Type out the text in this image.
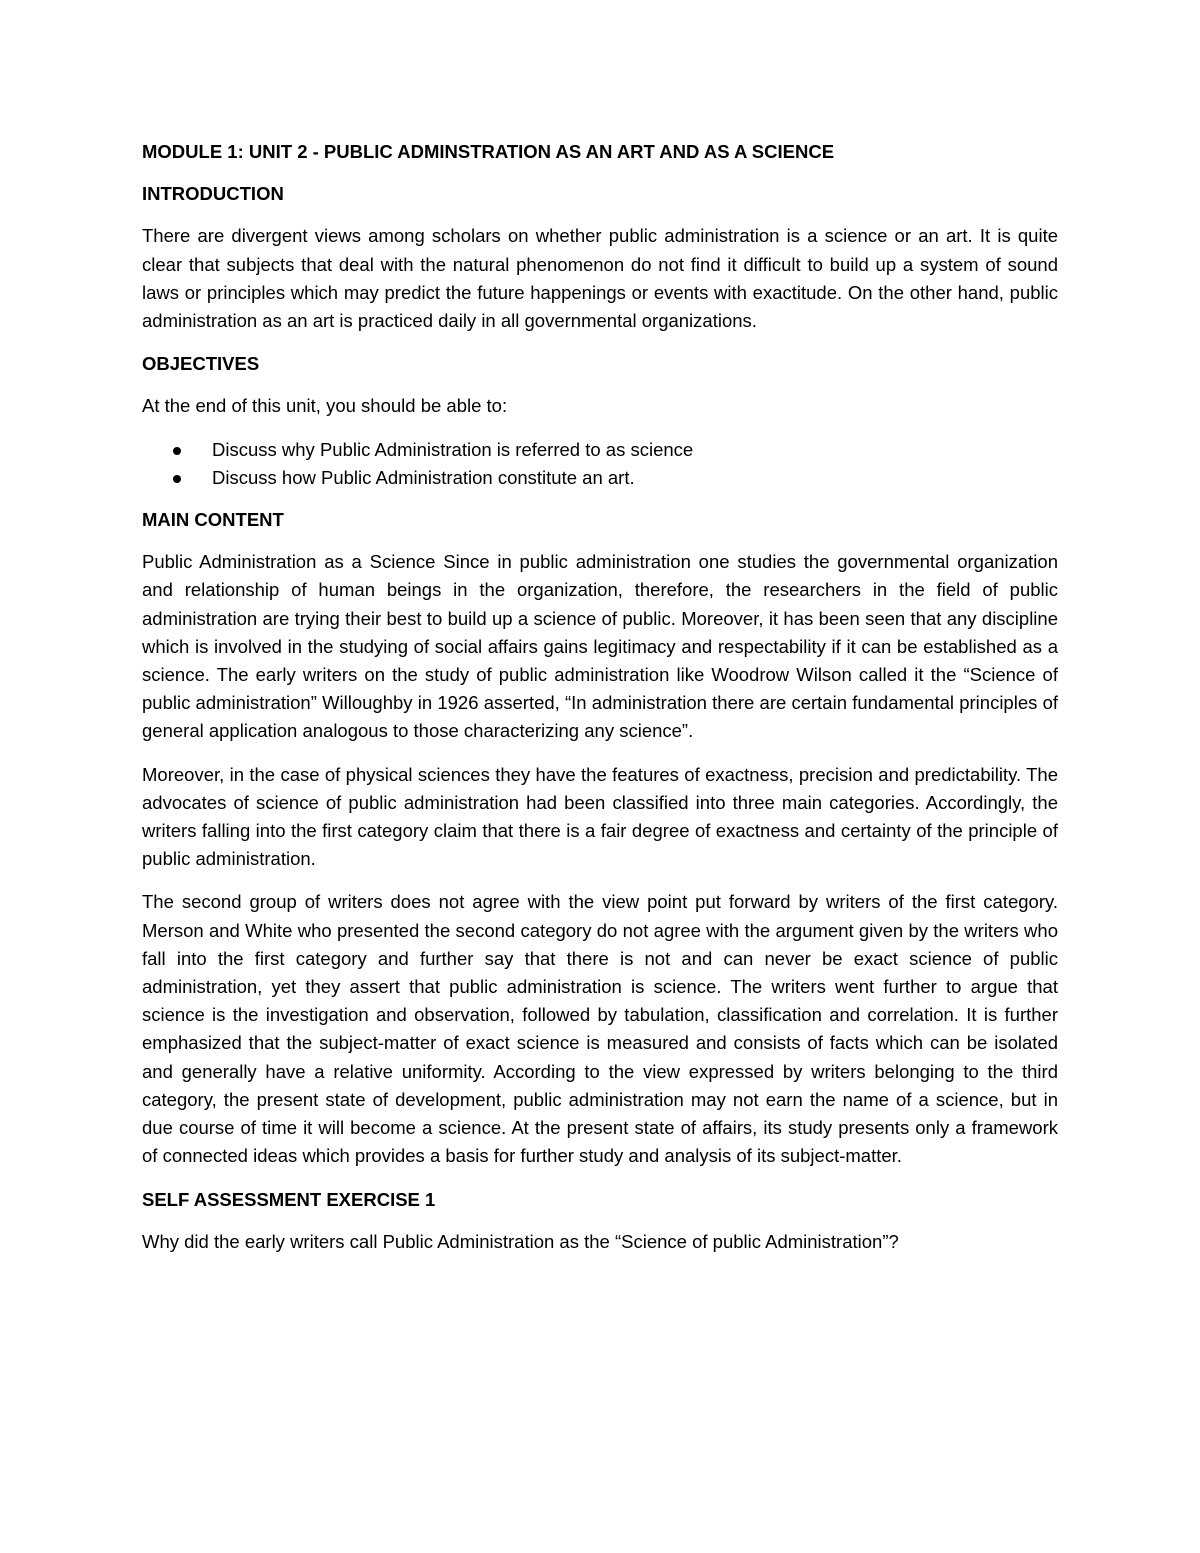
MODULE 1: UNIT 2 - PUBLIC ADMINSTRATION AS AN ART AND AS A SCIENCE

INTRODUCTION

There are divergent views among scholars on whether public administration is a science or an art. It is quite clear that subjects that deal with the natural phenomenon do not find it difficult to build up a system of sound laws or principles which may predict the future happenings or events with exactitude. On the other hand, public administration as an art is practiced daily in all governmental organizations.

OBJECTIVES

At the end of this unit, you should be able to:

Discuss why Public Administration is referred to as science
Discuss how Public Administration constitute an art.

MAIN CONTENT

Public Administration as a Science Since in public administration one studies the governmental organization and relationship of human beings in the organization, therefore, the researchers in the field of public administration are trying their best to build up a science of public. Moreover, it has been seen that any discipline which is involved in the studying of social affairs gains legitimacy and respectability if it can be established as a science. The early writers on the study of public administration like Woodrow Wilson called it the “Science of public administration” Willoughby in 1926 asserted, “In administration there are certain fundamental principles of general application analogous to those characterizing any science”.

Moreover, in the case of physical sciences they have the features of exactness, precision and predictability. The advocates of science of public administration had been classified into three main categories. Accordingly, the writers falling into the first category claim that there is a fair degree of exactness and certainty of the principle of public administration.

The second group of writers does not agree with the view point put forward by writers of the first category. Merson and White who presented the second category do not agree with the argument given by the writers who fall into the first category and further say that there is not and can never be exact science of public administration, yet they assert that public administration is science. The writers went further to argue that science is the investigation and observation, followed by tabulation, classification and correlation. It is further emphasized that the subject-matter of exact science is measured and consists of facts which can be isolated and generally have a relative uniformity. According to the view expressed by writers belonging to the third category, the present state of development, public administration may not earn the name of a science, but in due course of time it will become a science. At the present state of affairs, its study presents only a framework of connected ideas which provides a basis for further study and analysis of its subject-matter.

SELF ASSESSMENT EXERCISE 1

Why did the early writers call Public Administration as the “Science of public Administration”?
